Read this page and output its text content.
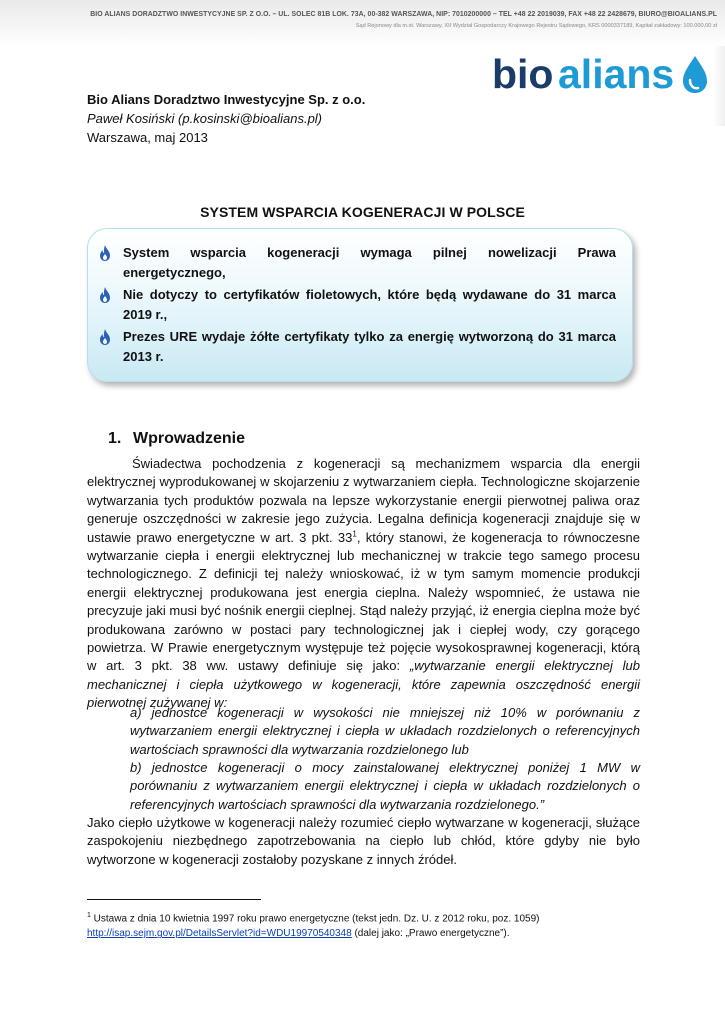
BIO ALIANS DORADZTWO INWESTYCYJNE SP. Z O.O. – UL. SOLEC 81B LOK. 73A, 00-382 WARSZAWA, NIP: 7010200000 – TEL +48 22 2019039, FAX +48 22 2428679, BIURO@BIOALIANS.PL
Sąd Rejonowy dla m.st. Warszawy, XII Wydział Gospodarczy Krajowego Rejestru Sądowego, KRS 0000337189, Kapitał zakładowy: 100.000,00 zł
bio alians
Bio Alians Doradztwo Inwestycyjne Sp. z o.o.
Paweł Kosiński (p.kosinski@bioalians.pl)
Warszawa, maj 2013
SYSTEM WSPARCIA KOGENERACJI W POLSCE
System wsparcia kogeneracji wymaga pilnej nowelizacji Prawa energetycznego,
Nie dotyczy to certyfikatów fioletowych, które będą wydawane do 31 marca 2019 r.,
Prezes URE wydaje żółte certyfikaty tylko za energię wytworzoną do 31 marca 2013 r.
1. Wprowadzenie
Świadectwa pochodzenia z kogeneracji są mechanizmem wsparcia dla energii elektrycznej wyprodukowanej w skojarzeniu z wytwarzaniem ciepła. Technologiczne skojarzenie wytwarzania tych produktów pozwala na lepsze wykorzystanie energii pierwotnej paliwa oraz generuje oszczędności w zakresie jego zużycia. Legalna definicja kogeneracji znajduje się w ustawie prawo energetyczne w art. 3 pkt. $33^1$, który stanowi, że kogeneracja to równoczesne wytwarzanie ciepła i energii elektrycznej lub mechanicznej w trakcie tego samego procesu technologicznego. Z definicji tej należy wnioskować, iż w tym samym momencie produkcji energii elektrycznej produkowana jest energia cieplna. Należy wspomnieć, że ustawa nie precyzuje jaki musi być nośnik energii cieplnej. Stąd należy przyjąć, iż energia cieplna może być produkowana zarówno w postaci pary technologicznej jak i ciepłej wody, czy gorącego powietrza. W Prawie energetycznym występuje też pojęcie wysokosprawnej kogeneracji, którą w art. 3 pkt. 38 ww. ustawy definiuje się jako: „wytwarzanie energii elektrycznej lub mechanicznej i ciepła użytkowego w kogeneracji, które zapewnia oszczędność energii pierwotnej zużywanej w:
a) jednostce kogeneracji w wysokości nie mniejszej niż 10% w porównaniu z wytwarzaniem energii elektrycznej i ciepła w układach rozdzielonych o referencyjnych wartościach sprawności dla wytwarzania rozdzielonego lub
b) jednostce kogeneracji o mocy zainstalowanej elektrycznej poniżej 1 MW w porównaniu z wytwarzaniem energii elektrycznej i ciepła w układach rozdzielonych o referencyjnych wartościach sprawności dla wytwarzania rozdzielonego.”
Jako ciepło użytkowe w kogeneracji należy rozumieć ciepło wytwarzane w kogeneracji, służące zaspokojeniu niezbędnego zapotrzebowania na ciepło lub chłód, które gdyby nie było wytworzone w kogeneracji zostałoby pozyskane z innych źródeł.
$^1$ Ustawa z dnia 10 kwietnia 1997 roku prawo energetyczne (tekst jedn. Dz. U. z 2012 roku, poz. 1059)
http://isap.sejm.gov.pl/DetailsServlet?id=WDU19970540348 (dalej jako: „Prawo energetyczne”).
